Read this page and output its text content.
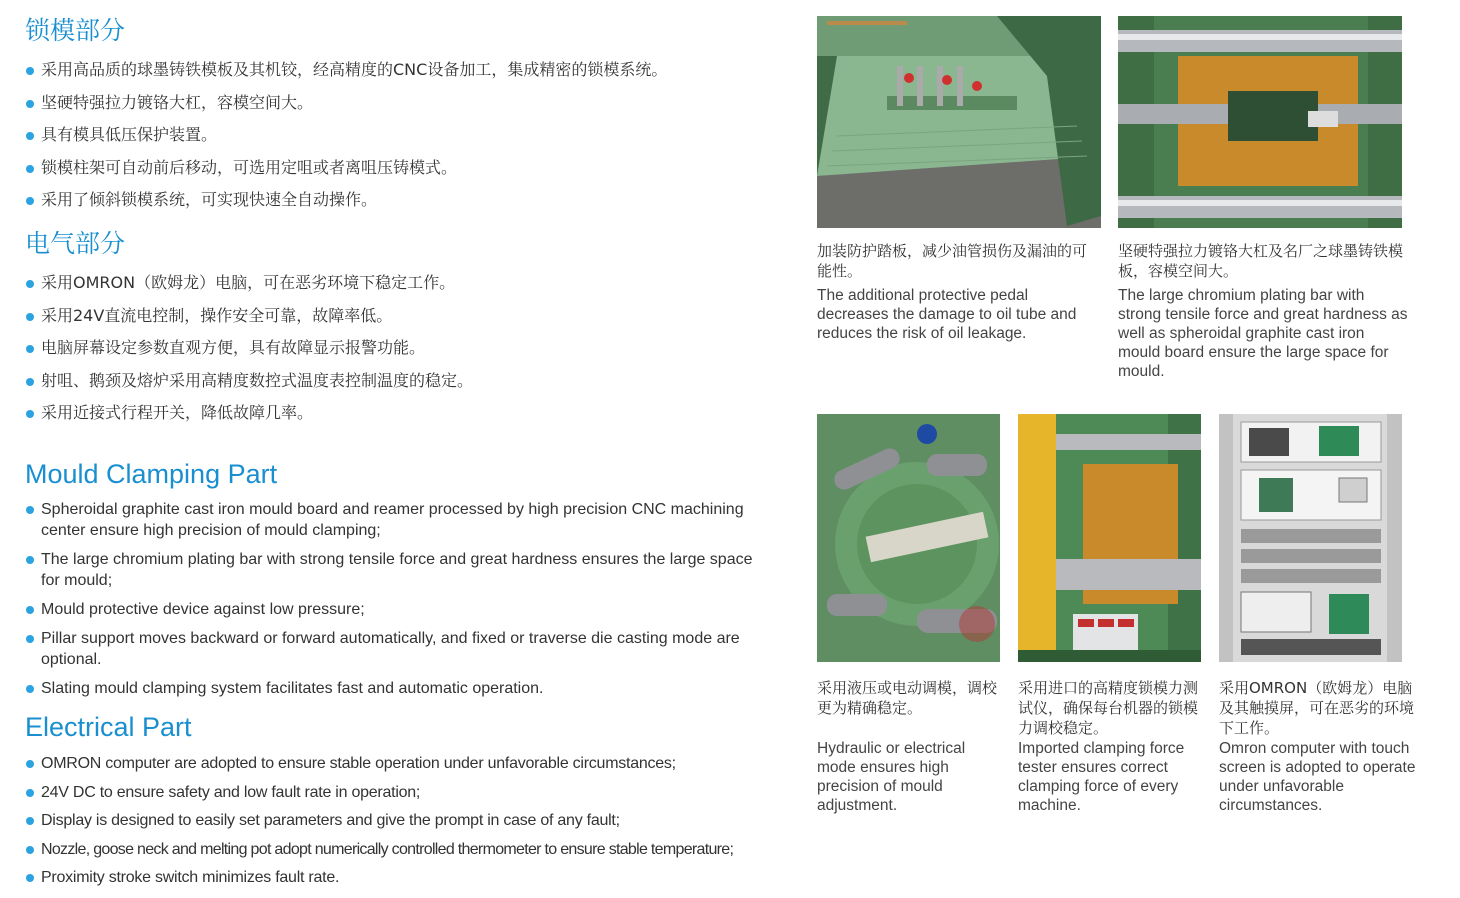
锁模部分
采用高品质的球墨铸铁模板及其机铰，经高精度的CNC设备加工，集成精密的锁模系统。
坚硬特强拉力镀铬大杠，容模空间大。
具有模具低压保护装置。
锁模柱架可自动前后移动，可选用定咀或者离咀压铸模式。
采用了倾斜锁模系统，可实现快速全自动操作。
电气部分
采用OMRON（欧姆龙）电脑，可在恶劣环境下稳定工作。
采用24V直流电控制，操作安全可靠，故障率低。
电脑屏幕设定参数直观方便，具有故障显示报警功能。
射咀、鹅颈及熔炉采用高精度数控式温度表控制温度的稳定。
采用近接式行程开关，降低故障几率。
Mould Clamping Part
Spheroidal graphite cast iron mould board and reamer processed by high precision CNC machining center ensure high precision of mould clamping;
The large chromium plating bar with strong tensile force and great hardness ensures the large space for mould;
Mould protective device against low pressure;
Pillar support moves backward or forward automatically, and fixed or traverse die casting mode are optional.
Slating mould clamping system facilitates fast and automatic operation.
Electrical Part
OMRON computer are adopted to ensure stable operation under unfavorable circumstances;
24V DC to ensure safety and low fault rate in operation;
Display is designed to easily set parameters and give the prompt in case of any fault;
Nozzle, goose neck and melting pot adopt numerically controlled thermometer to ensure stable temperature;
Proximity stroke switch minimizes fault rate.
加装防护踏板，减少油管损伤及漏油的可能性。
The additional protective pedal decreases the damage to oil tube and reduces the risk of oil leakage.
坚硬特强拉力镀铬大杠及名厂之球墨铸铁模板，容模空间大。
The large chromium plating bar with strong tensile force and great hardness as well as spheroidal graphite cast iron mould board ensure the large space for mould.
采用液压或电动调模，调校更为精确稳定。
Hydraulic or electrical mode ensures high precision of mould adjustment.
采用进口的高精度锁模力测试仪，确保每台机器的锁模力调校稳定。
Imported clamping force tester ensures correct clamping force of every machine.
采用OMRON（欧姆龙）电脑及其触摸屏，可在恶劣的环境下工作。
Omron computer with touch screen is adopted to operate under unfavorable circumstances.
